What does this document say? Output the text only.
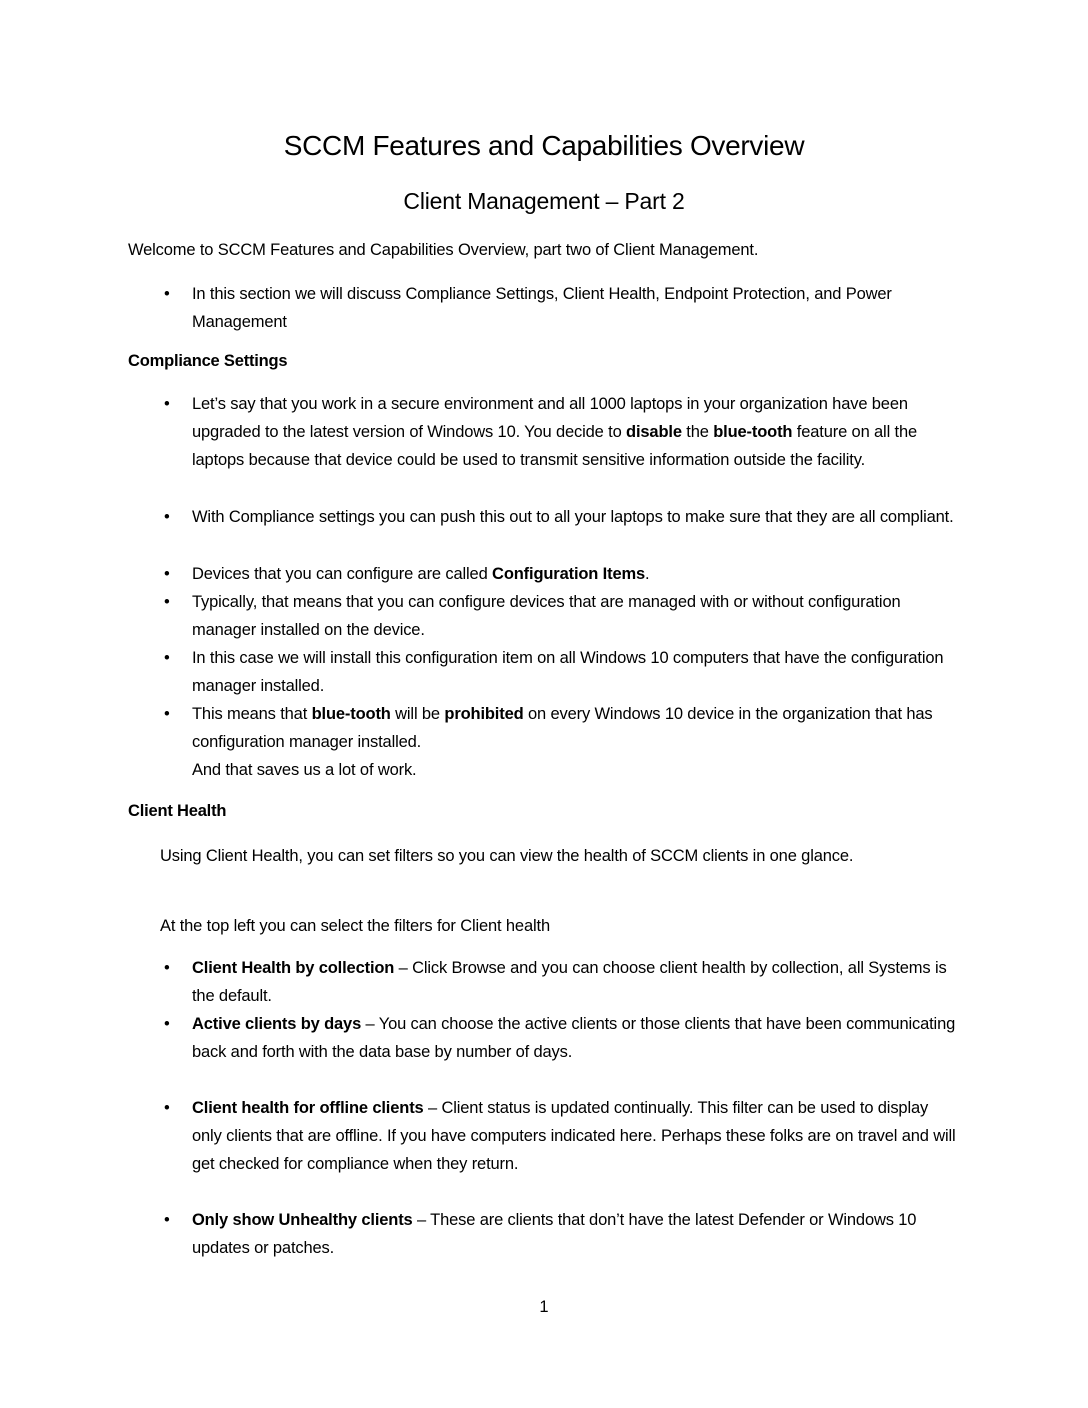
SCCM Features and Capabilities Overview
Client Management – Part 2
Welcome to SCCM Features and Capabilities Overview, part two of Client Management.
• In this section we will discuss Compliance Settings, Client Health, Endpoint Protection, and Power Management
Compliance Settings
• Let’s say that you work in a secure environment and all 1000 laptops in your organization have been upgraded to the latest version of Windows 10. You decide to disable the blue-tooth feature on all the laptops because that device could be used to transmit sensitive information outside the facility.
• With Compliance settings you can push this out to all your laptops to make sure that they are all compliant.
• Devices that you can configure are called Configuration Items.
• Typically, that means that you can configure devices that are managed with or without configuration manager installed on the device.
• In this case we will install this configuration item on all Windows 10 computers that have the configuration manager installed.
• This means that blue-tooth will be prohibited on every Windows 10 device in the organization that has configuration manager installed.
And that saves us a lot of work.
Client Health
Using Client Health, you can set filters so you can view the health of SCCM clients in one glance.
At the top left you can select the filters for Client health
• Client Health by collection – Click Browse and you can choose client health by collection, all Systems is the default.
• Active clients by days – You can choose the active clients or those clients that have been communicating back and forth with the data base by number of days.
• Client health for offline clients – Client status is updated continually. This filter can be used to display only clients that are offline. If you have computers indicated here. Perhaps these folks are on travel and will get checked for compliance when they return.
• Only show Unhealthy clients – These are clients that don’t have the latest Defender or Windows 10 updates or patches.
1
